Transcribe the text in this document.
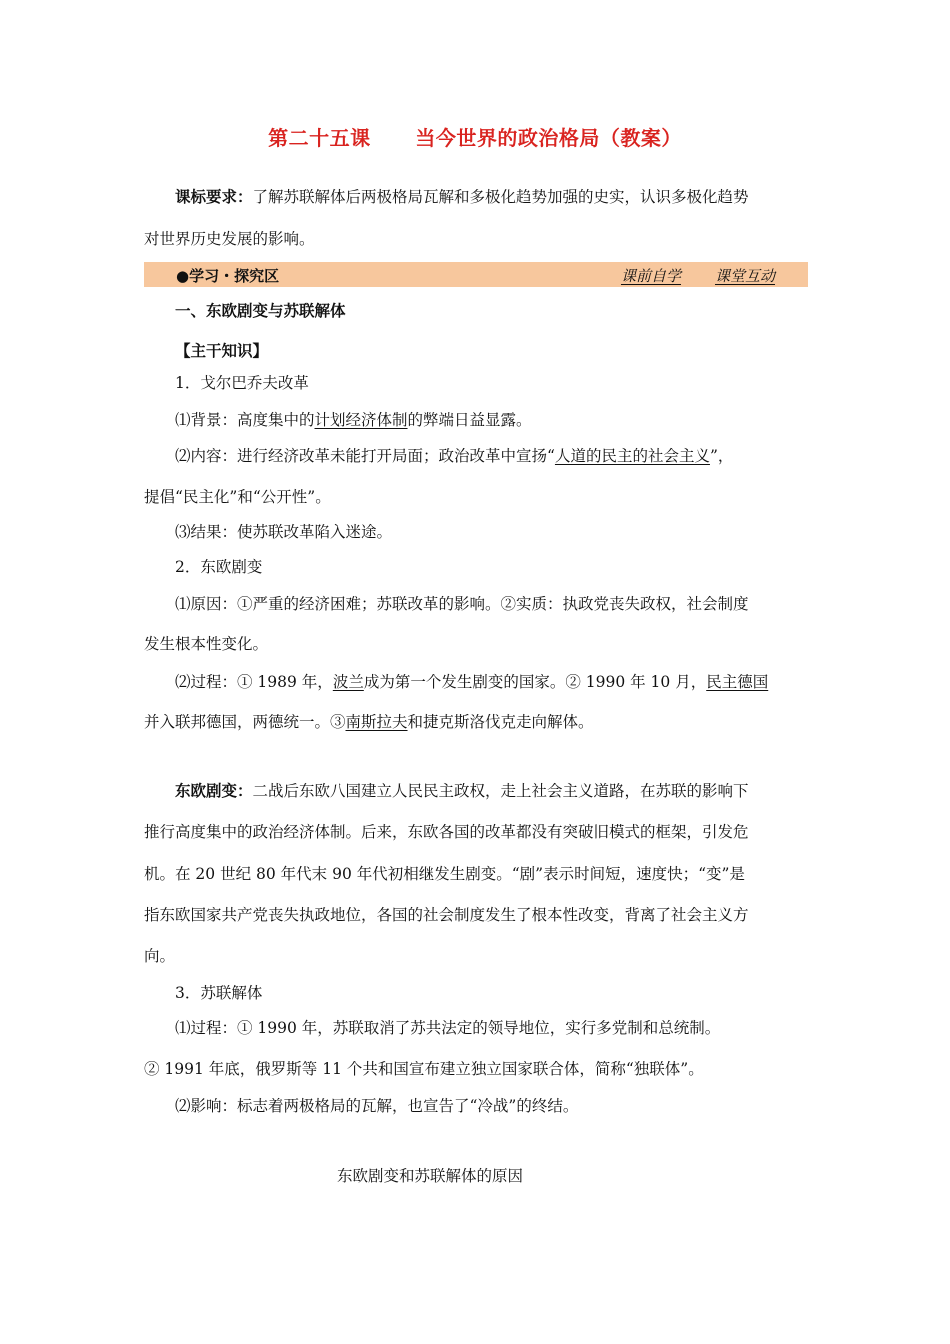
第二十五课      当今世界的政治格局（教案）
课标要求：了解苏联解体后两极格局瓦解和多极化趋势加强的史实，认识多极化趋势
对世界历史发展的影响。
●学习・探究区	课前自学 课堂互动
一、东欧剧变与苏联解体
【主干知识】
1．戈尔巴乔夫改革
⑴背景：高度集中的计划经济体制的弊端日益显露。
⑵内容：进行经济改革未能打开局面；政治改革中宣扬“人道的民主的社会主义”，
提倡“民主化”和“公开性”。
⑶结果：使苏联改革陷入迷途。
2．东欧剧变
⑴原因：①严重的经济困难；苏联改革的影响。②实质：执政党丧失政权，社会制度
发生根本性变化。
⑵过程：① 1989 年，波兰成为第一个发生剧变的国家。② 1990 年 10 月，民主德国
并入联邦德国，两德统一。③南斯拉夫和捷克斯洛伐克走向解体。
东欧剧变：二战后东欧八国建立人民民主政权，走上社会主义道路，在苏联的影响下
推行高度集中的政治经济体制。后来，东欧各国的改革都没有突破旧模式的框架，引发危
机。在 20 世纪 80 年代末 90 年代初相继发生剧变。“剧”表示时间短，速度快；“变”是
指东欧国家共产党丧失执政地位，各国的社会制度发生了根本性改变，背离了社会主义方
向。
3．苏联解体
⑴过程：① 1990 年，苏联取消了苏共法定的领导地位，实行多党制和总统制。
② 1991 年底，俄罗斯等 11 个共和国宣布建立独立国家联合体，简称“独联体”。
⑵影响：标志着两极格局的瓦解，也宣告了“冷战”的终结。
东欧剧变和苏联解体的原因
